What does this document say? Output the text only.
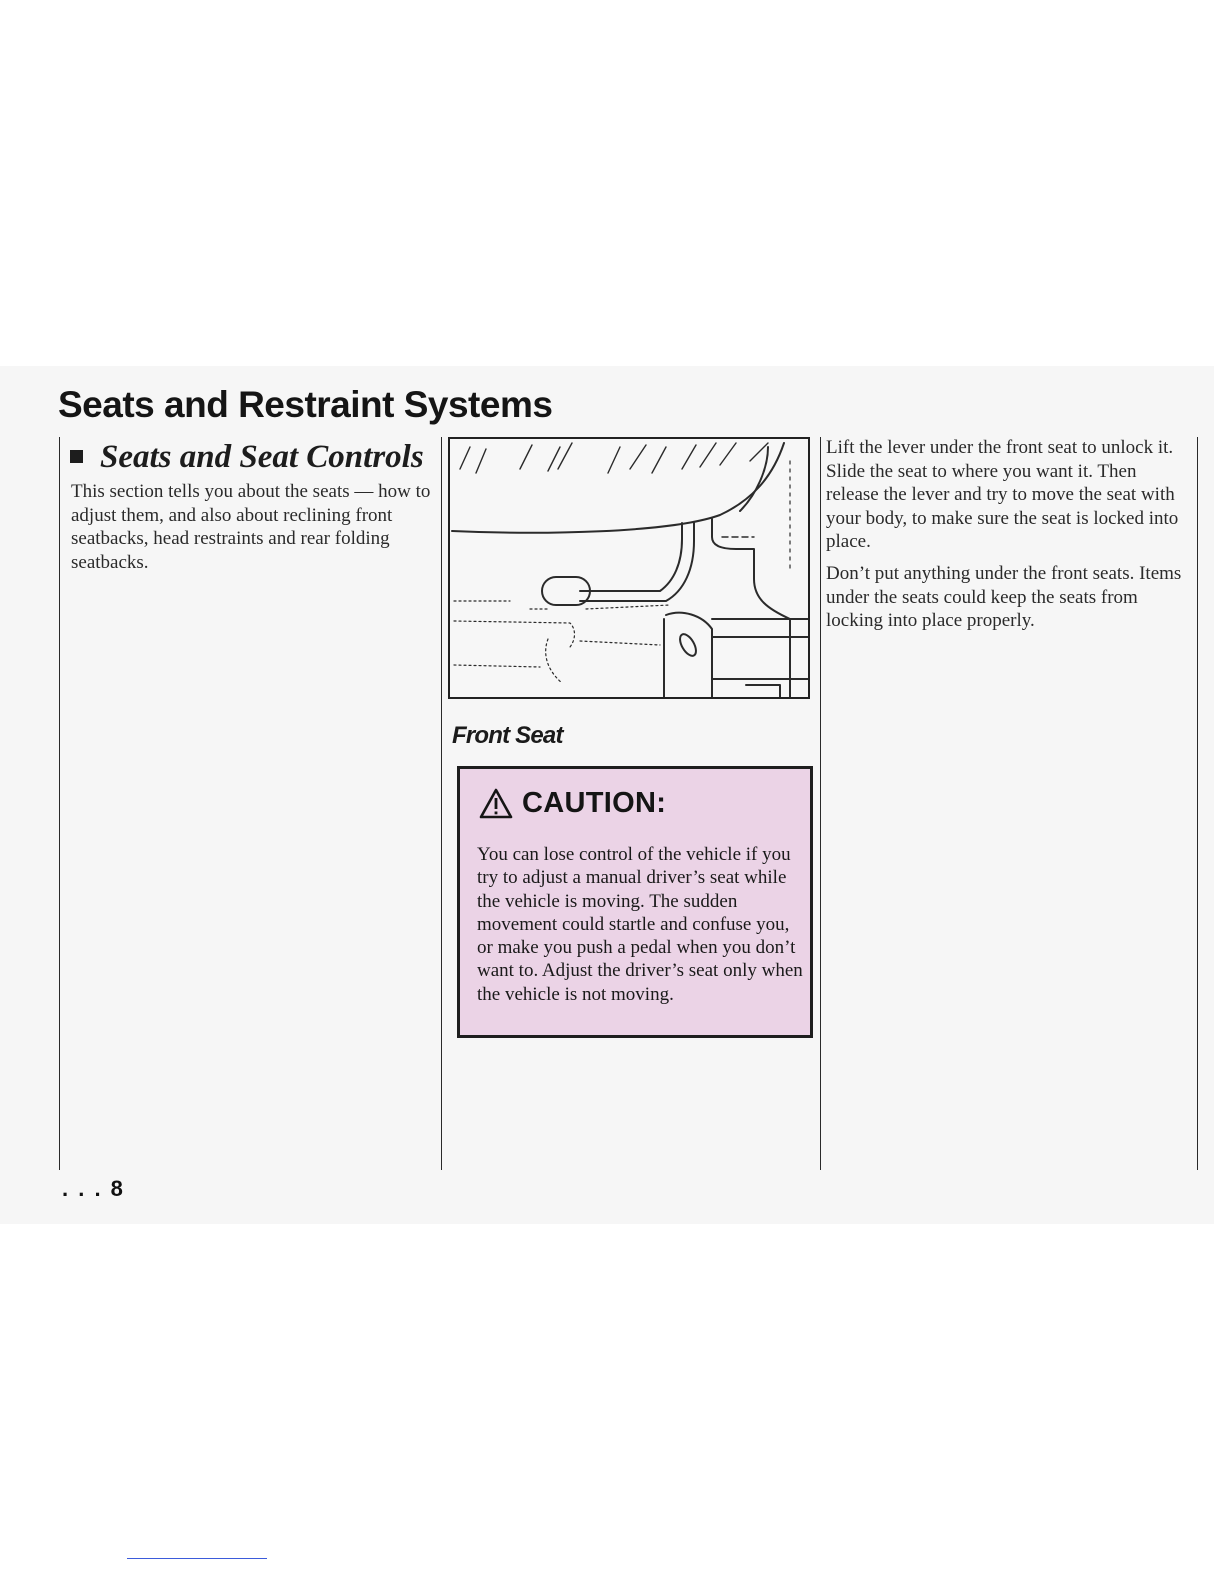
Seats and Restraint Systems
Seats and Seat Controls

This section tells you about the seats — how to adjust them, and also about reclining front seatbacks, head restraints and rear folding seatbacks.

Front Seat

CAUTION:

You can lose control of the vehicle if you try to adjust a manual driver’s seat while the vehicle is moving. The sudden movement could startle and confuse you, or make you push a pedal when you don’t want to. Adjust the driver’s seat only when the vehicle is not moving.

Lift the lever under the front seat to unlock it. Slide the seat to where you want it. Then release the lever and try to move the seat with your body, to make sure the seat is locked into place.

Don’t put anything under the front seats. Items under the seats could keep the seats from locking into place properly.

. . . 8
